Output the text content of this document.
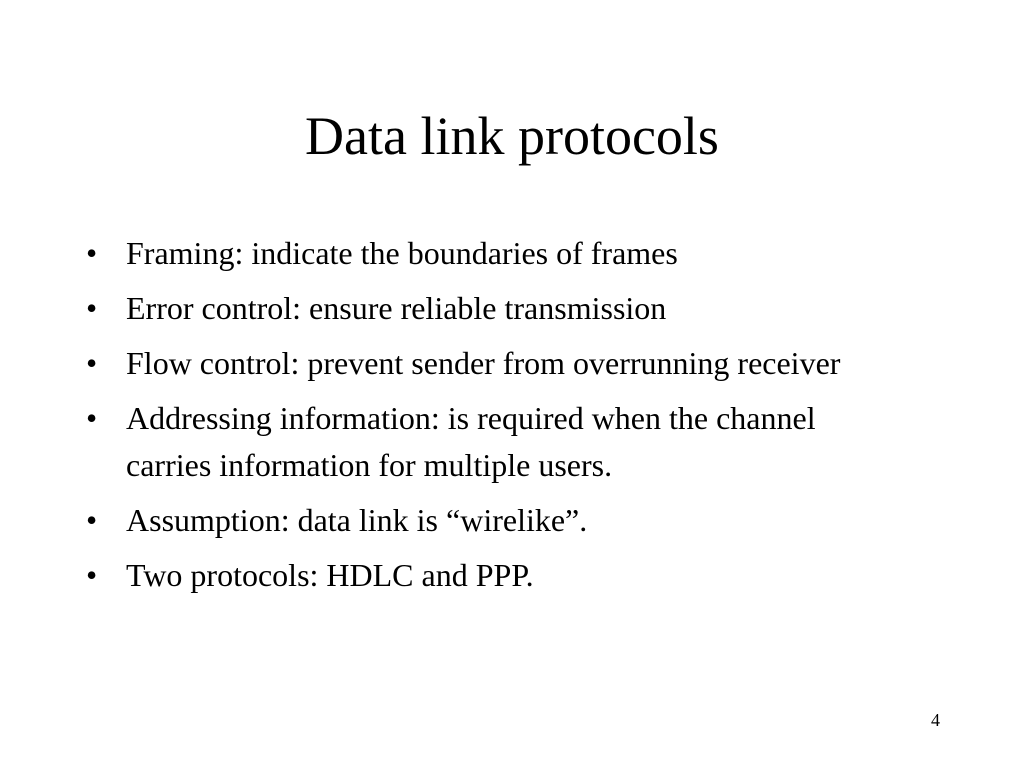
Data link protocols
• Framing: indicate the boundaries of frames
• Error control: ensure reliable transmission
• Flow control: prevent sender from overrunning receiver
• Addressing information: is required when the channel carries information for multiple users.
• Assumption: data link is “wirelike”.
• Two protocols: HDLC and PPP.
4
